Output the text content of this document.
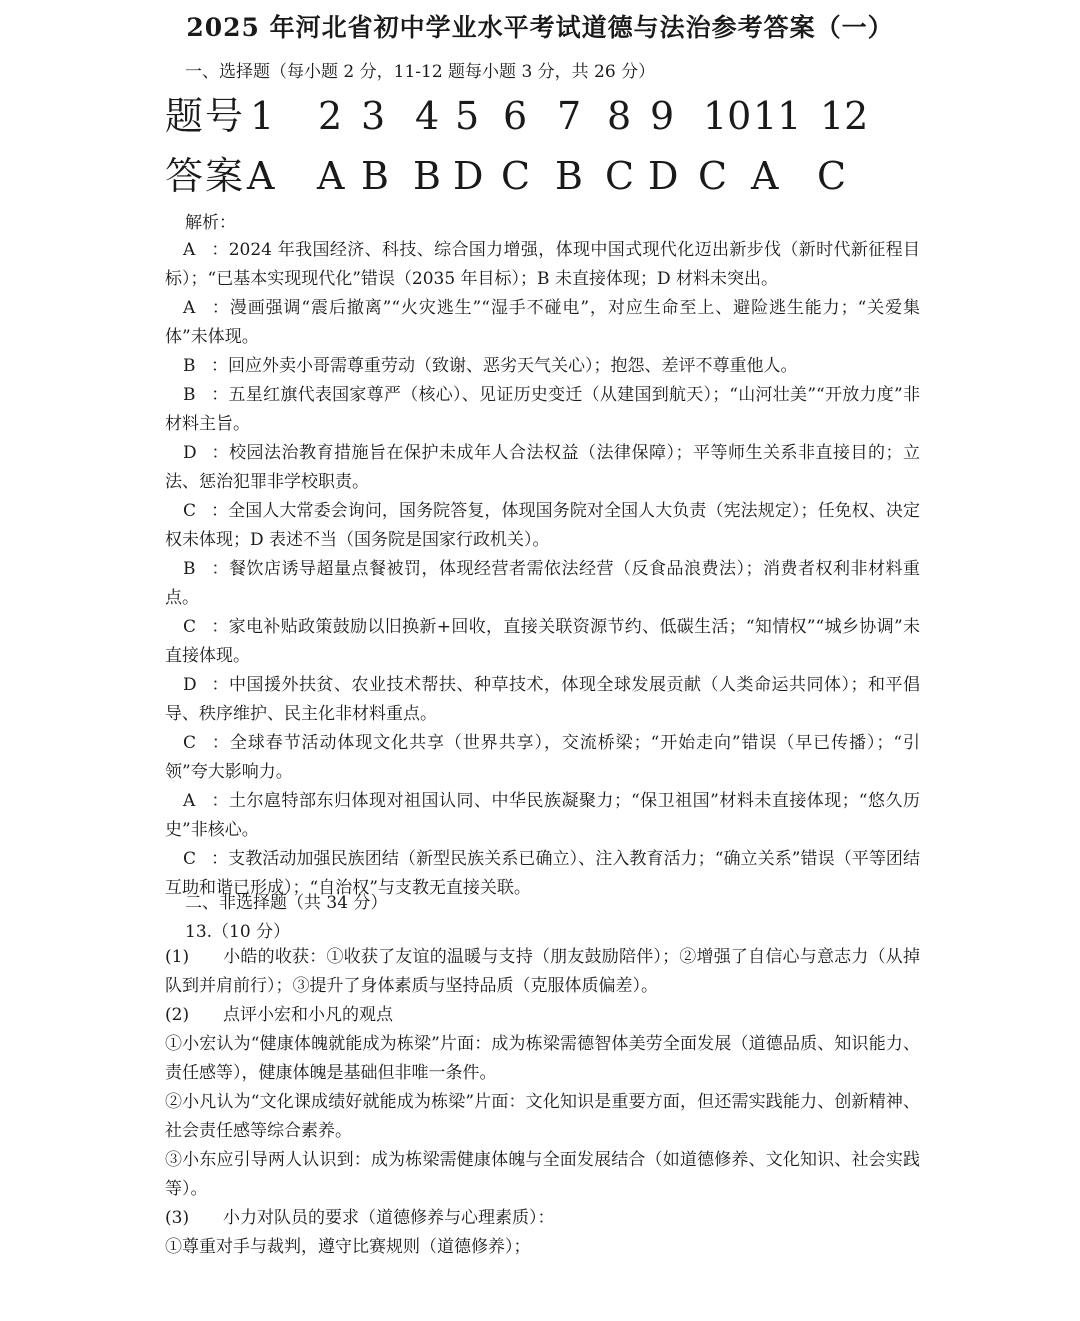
2025 年河北省初中学业水平考试道德与法治参考答案（一）
一、选择题（每小题 2 分，11-12 题每小题 3 分，共 26 分）
题号 1 2 3 4 5 6 7 8 9 10 11 12
答案 A A B B D C B C D C A C
解析：

A ：2024 年我国经济、科技、综合国力增强，体现中国式现代化迈出新步伐（新时代新征程目标）；“已基本实现现代化”错误（2035 年目标）；B 未直接体现；D 材料未突出。

A ：漫画强调“震后撤离”“火灾逃生”“湿手不碰电”，对应生命至上、避险逃生能力；“关爱集体”未体现。

B ：回应外卖小哥需尊重劳动（致谢、恶劣天气关心）；抱怨、差评不尊重他人。

B ：五星红旗代表国家尊严（核心）、见证历史变迁（从建国到航天）；“山河壮美”“开放力度”非材料主旨。

D ：校园法治教育措施旨在保护未成年人合法权益（法律保障）；平等师生关系非直接目的；立法、惩治犯罪非学校职责。

C ：全国人大常委会询问，国务院答复，体现国务院对全国人大负责（宪法规定）；任免权、决定权未体现；D 表述不当（国务院是国家行政机关）。

B ：餐饮店诱导超量点餐被罚，体现经营者需依法经营（反食品浪费法）；消费者权利非材料重点。

C ：家电补贴政策鼓励以旧换新+回收，直接关联资源节约、低碳生活；“知情权”“城乡协调”未直接体现。

D ：中国援外扶贫、农业技术帮扶、种草技术，体现全球发展贡献（人类命运共同体）；和平倡导、秩序维护、民主化非材料重点。

C ：全球春节活动体现文化共享（世界共享），交流桥梁；“开始走向”错误（早已传播）；“引领”夸大影响力。

A ：土尔扈特部东归体现对祖国认同、中华民族凝聚力；“保卫祖国”材料未直接体现；“悠久历史”非核心。

C ：支教活动加强民族团结（新型民族关系已确立）、注入教育活力；“确立关系”错误（平等团结互助和谐已形成）；“自治权”与支教无直接关联。

二、非选择题（共 34 分）
13.（10 分）

(1) 小皓的收获：①收获了友谊的温暖与支持（朋友鼓励陪伴）；②增强了自信心与意志力（从掉队到并肩前行）；③提升了身体素质与坚持品质（克服体质偏差）。

(2) 点评小宏和小凡的观点

①小宏认为“健康体魄就能成为栋梁”片面：成为栋梁需德智体美劳全面发展（道德品质、知识能力、责任感等），健康体魄是基础但非唯一条件。

②小凡认为“文化课成绩好就能成为栋梁”片面：文化知识是重要方面，但还需实践能力、创新精神、社会责任感等综合素养。

③小东应引导两人认识到：成为栋梁需健康体魄与全面发展结合（如道德修养、文化知识、社会实践等）。

(3) 小力对队员的要求（道德修养与心理素质）：

①尊重对手与裁判，遵守比赛规则（道德修养）；
